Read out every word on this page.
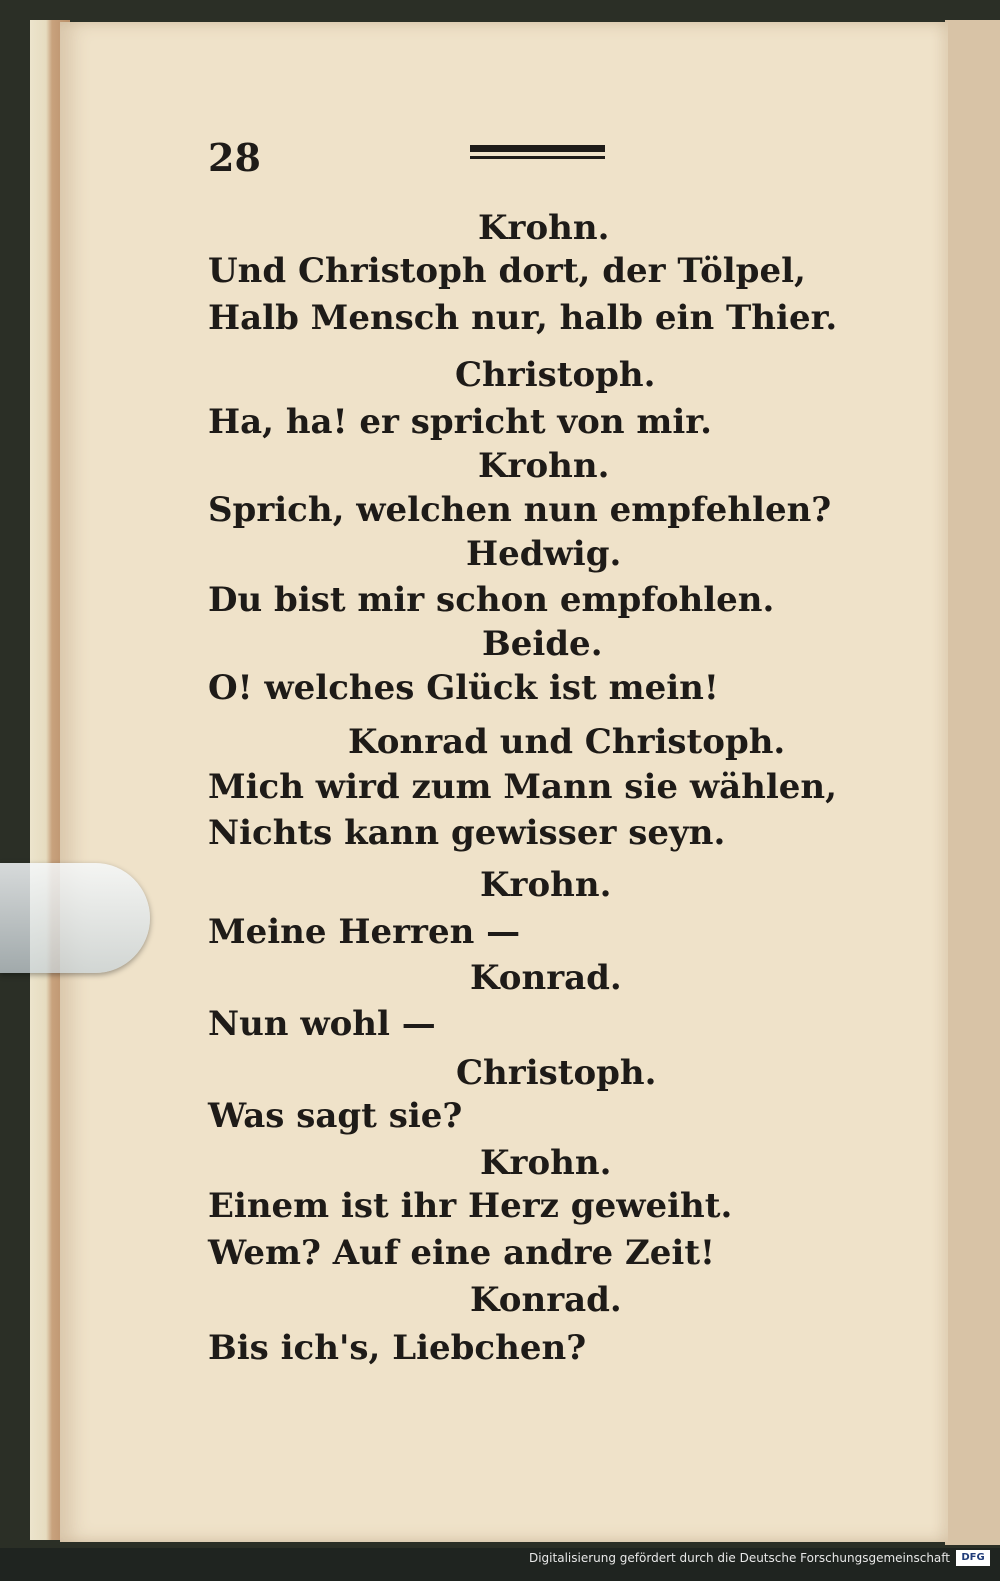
28
Krohn.
Und Christoph dort, der Tölpel,
Halb Mensch nur, halb ein Thier.
Christoph.
Ha, ha! er spricht von mir.
Krohn.
Sprich, welchen nun empfehlen?
Hedwig.
Du bist mir schon empfohlen.
Beide.
O! welches Glück ist mein!
Konrad und Christoph.
Mich wird zum Mann sie wählen,
Nichts kann gewisser seyn.
Krohn.
Meine Herren —
Konrad.
Nun wohl —
Christoph.
Was sagt sie?
Krohn.
Einem ist ihr Herz geweiht.
Wem? Auf eine andre Zeit!
Konrad.
Bis ich's, Liebchen?
Digitalisierung gefördert durch die Deutsche Forschungsgemeinschaft	DFG
